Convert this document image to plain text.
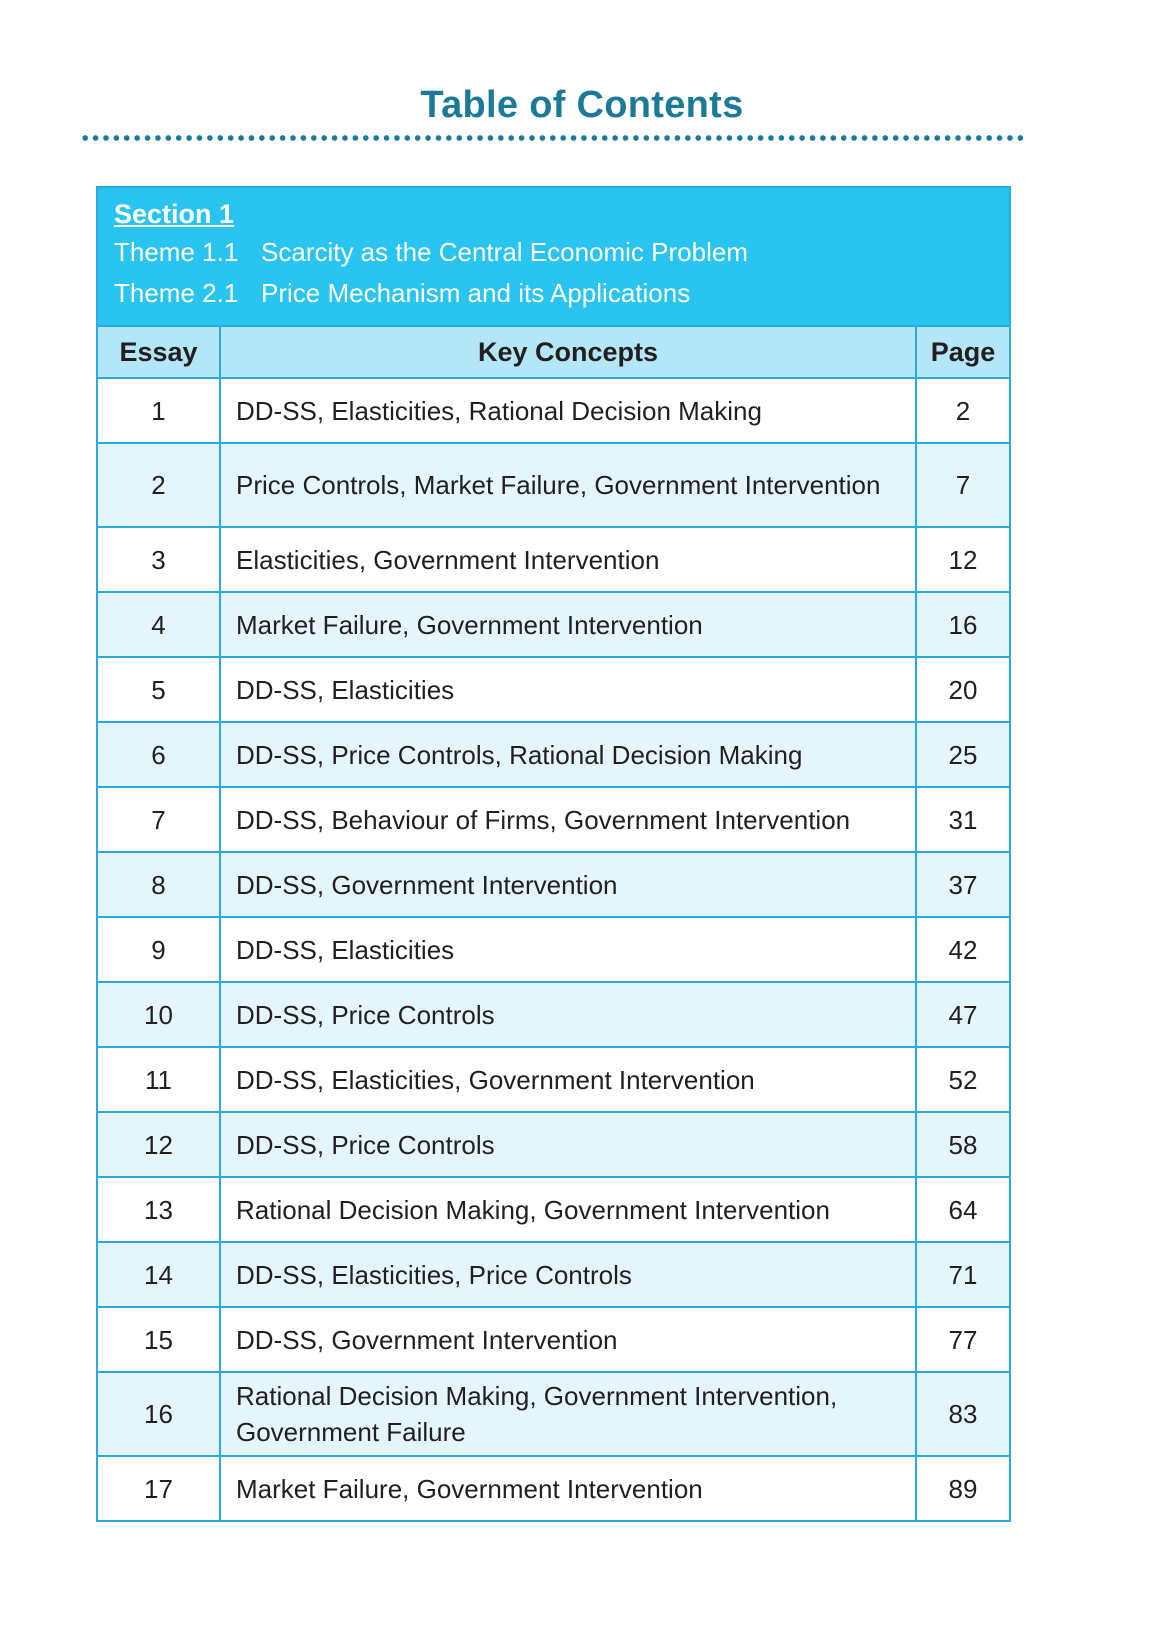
Table of Contents
Section 1
Theme 1.1 Scarcity as the Central Economic Problem
Theme 2.1 Price Mechanism and its Applications
Essay	Key Concepts	Page
1	DD-SS, Elasticities, Rational Decision Making	2
2	Price Controls, Market Failure, Government Intervention	7
3	Elasticities, Government Intervention	12
4	Market Failure, Government Intervention	16
5	DD-SS, Elasticities	20
6	DD-SS, Price Controls, Rational Decision Making	25
7	DD-SS, Behaviour of Firms, Government Intervention	31
8	DD-SS, Government Intervention	37
9	DD-SS, Elasticities	42
10	DD-SS, Price Controls	47
11	DD-SS, Elasticities, Government Intervention	52
12	DD-SS, Price Controls	58
13	Rational Decision Making, Government Intervention	64
14	DD-SS, Elasticities, Price Controls	71
15	DD-SS, Government Intervention	77
16	Rational Decision Making, Government Intervention, Government Failure	83
17	Market Failure, Government Intervention	89
